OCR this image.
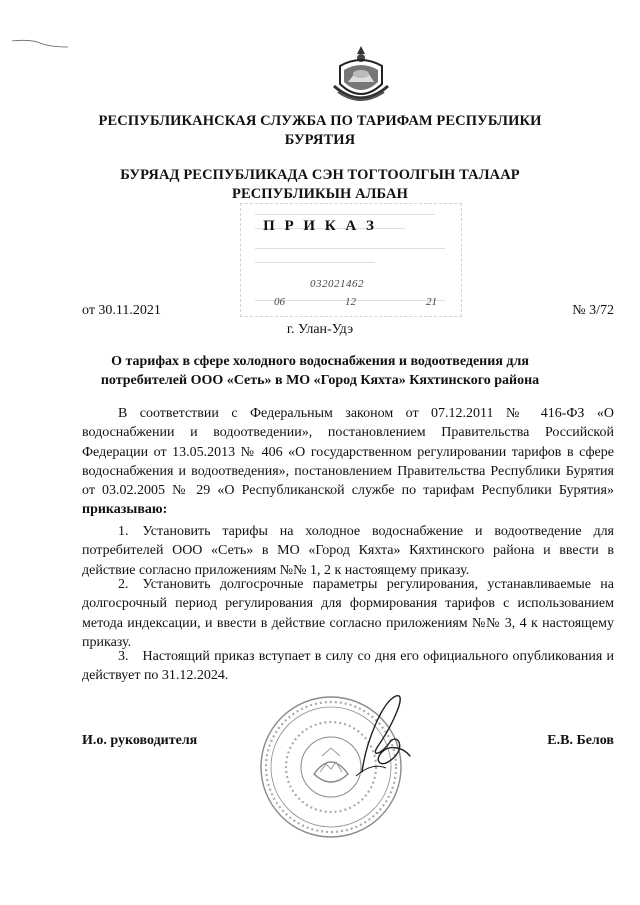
РЕСПУБЛИКАНСКАЯ СЛУЖБА ПО ТАРИФАМ РЕСПУБЛИКИ БУРЯТИЯ
БУРЯАД РЕСПУБЛИКАДА СЭН ТОГТООЛГЫН ТАЛААР РЕСПУБЛИКЫН АЛБАН
П Р И К А З
032021462
06	12	21
от 30.11.2021	№ 3/72
г. Улан-Удэ
О тарифах в сфере холодного водоснабжения и водоотведения для потребителей ООО «Сеть» в МО «Город Кяхта» Кяхтинского района
В соответствии с Федеральным законом от 07.12.2011 № 416-ФЗ «О водоснабжении и водоотведении», постановлением Правительства Российской Федерации от 13.05.2013 № 406 «О государственном регулировании тарифов в сфере водоснабжения и водоотведения», постановлением Правительства Республики Бурятия от 03.02.2005 № 29 «О Республиканской службе по тарифам Республики Бурятия» приказываю:
1. Установить тарифы на холодное водоснабжение и водоотведение для потребителей ООО «Сеть» в МО «Город Кяхта» Кяхтинского района и ввести в действие согласно приложениям №№ 1, 2 к настоящему приказу.
2. Установить долгосрочные параметры регулирования, устанавливаемые на долгосрочный период регулирования для формирования тарифов с использованием метода индексации, и ввести в действие согласно приложениям №№ 3, 4 к настоящему приказу.
3. Настоящий приказ вступает в силу со дня его официального опубликования и действует по 31.12.2024.
И.о. руководителя	Е.В. Белов
